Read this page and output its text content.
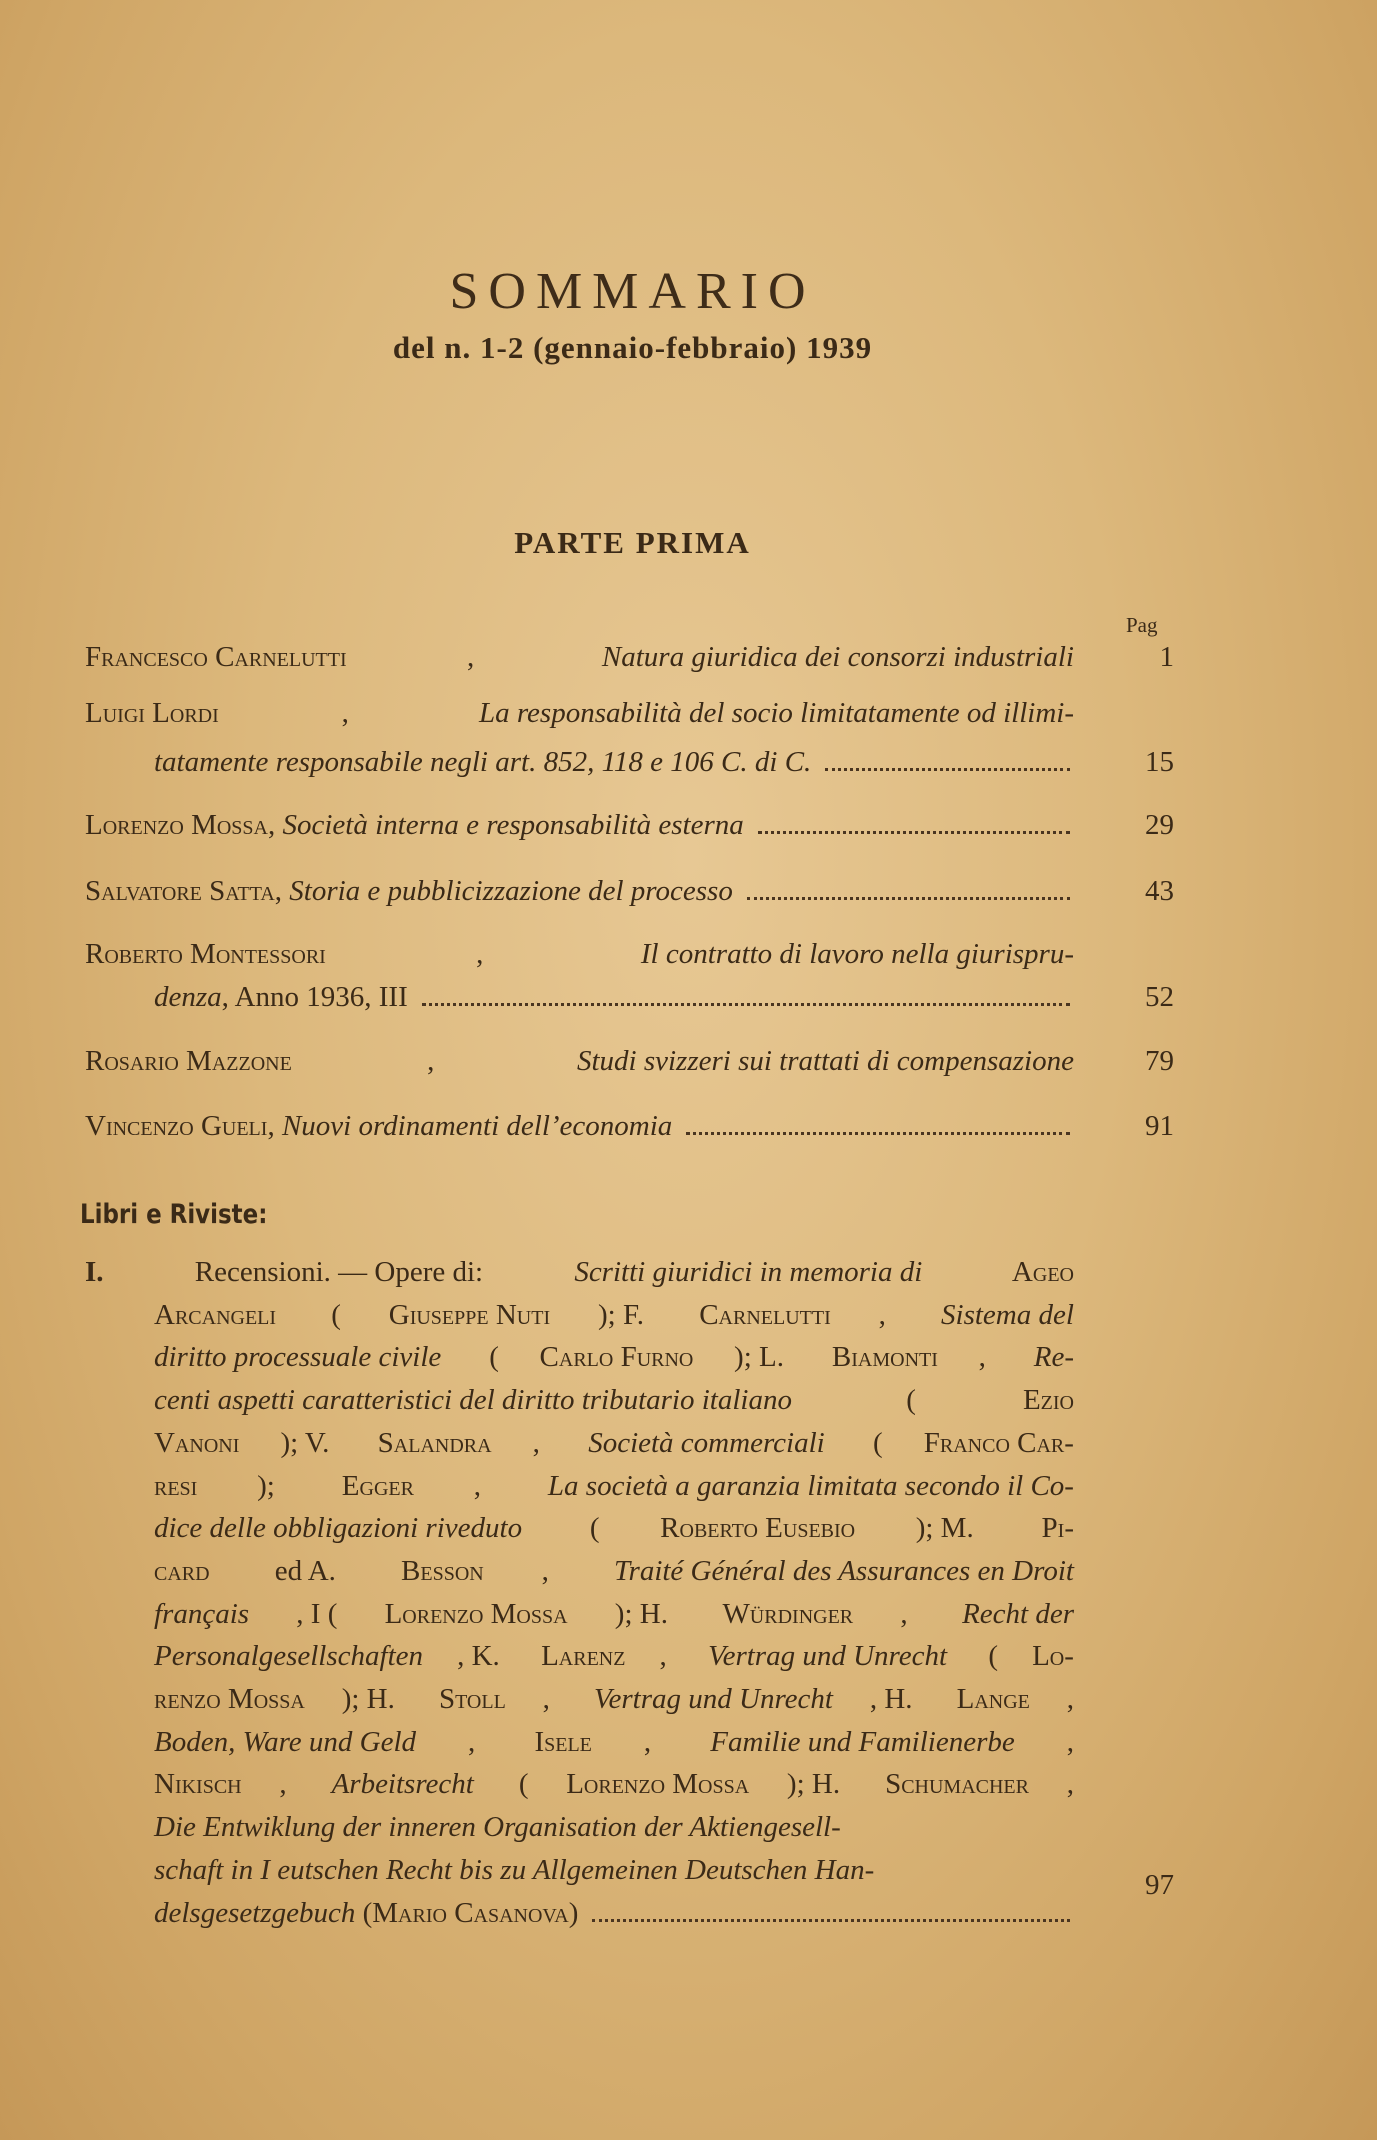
SOMMARIO
del n. 1-2 (gennaio-febbraio) 1939
PARTE PRIMA
Pag
Francesco Carnelutti	,	Natura giuridica dei consorzi industriali	1
Luigi Lordi	,	La responsabilità del socio limitatamente od illimi-
tatamente responsabile negli art. 852, 118 e 106 C. di C.	15
Lorenzo Mossa , Società interna e responsabilità esterna	29
Salvatore Satta , Storia e pubblicizzazione del processo	43
Roberto Montessori	,	Il contratto di lavoro nella giurispru-
denza , Anno 1936, III	52
Rosario Mazzone	,	Studi svizzeri sui trattati di compensazione	79
Vincenzo Gueli , Nuovi ordinamenti dell’economia	91
Libri e Riviste:
I.	Recensioni. — Opere di:	Scritti giuridici in memoria di	Ageo
Arcangeli ( Giuseppe Nuti ); F. Carnelutti , Sistema del
diritto processuale civile ( Carlo Furno ); L. Biamonti , Re-
centi aspetti caratteristici del diritto tributario italiano	(	Ezio
Vanoni ); V. Salandra , Società commerciali ( Franco Car-
resi ); Egger , La società a garanzia limitata secondo il Co-
dice delle obbligazioni riveduto ( Roberto Eusebio ); M. Pi-
card ed A. Besson , Traité Général des Assurances en Droit
français , I ( Lorenzo Mossa ); H. Würdinger , Recht der
Personalgesellschaften , K. Larenz , Vertrag und Unrecht ( Lo-
renzo Mossa ); H. Stoll , Vertrag und Unrecht , H. Lange ,
Boden, Ware und Geld , Isele , Familie und Familienerbe ,
Nikisch , Arbeitsrecht ( Lorenzo Mossa ); H. Schumacher ,
Die Entwiklung der inneren Organisation der Aktiengesell-
schaft in I eutschen Recht bis zu Allgemeinen Deutschen Han-
delsgesetzgebuch ( Mario Casanova )
97
